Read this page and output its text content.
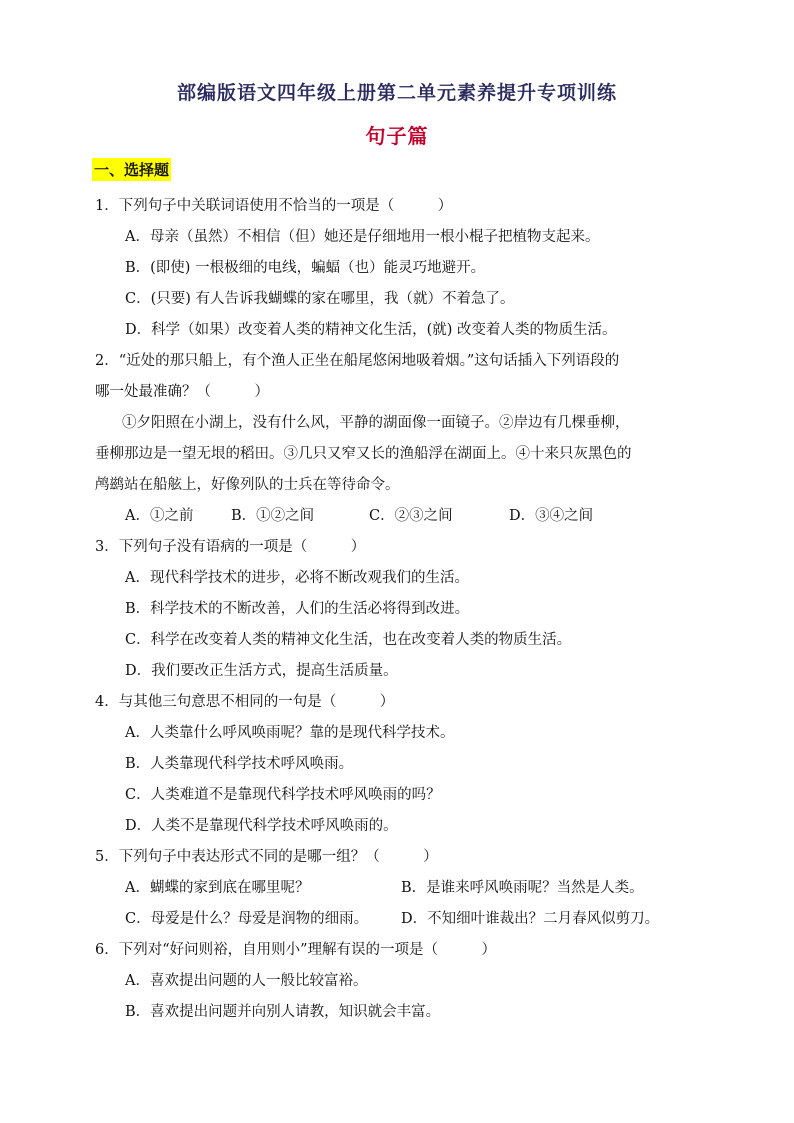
部编版语文四年级上册第二单元素养提升专项训练
句子篇
一、选择题
1．下列句子中关联词语使用不恰当的一项是（　　　）
A．母亲（虽然）不相信（但）她还是仔细地用一根小棍子把植物支起来。
B．(即使) 一根极细的电线，蝙蝠（也）能灵巧地避开。
C．(只要) 有人告诉我蝴蝶的家在哪里，我（就）不着急了。
D．科学（如果）改变着人类的精神文化生活，(就) 改变着人类的物质生活。
2．“近处的那只船上，有个渔人正坐在船尾悠闲地吸着烟。”这句话插入下列语段的
哪一处最准确？（　　　）
①夕阳照在小湖上，没有什么风，平静的湖面像一面镜子。②岸边有几棵垂柳，
垂柳那边是一望无垠的稻田。③几只又窄又长的渔船浮在湖面上。④十来只灰黑色的
鸬鹚站在船舷上，好像列队的士兵在等待命令。
A．①之前	B．①②之间	C．②③之间	D．③④之间
3．下列句子没有语病的一项是（　　　）
A．现代科学技术的进步，必将不断改观我们的生活。
B．科学技术的不断改善，人们的生活必将得到改进。
C．科学在改变着人类的精神文化生活，也在改变着人类的物质生活。
D．我们要改正生活方式，提高生活质量。
4．与其他三句意思不相同的一句是（　　　）
A．人类靠什么呼风唤雨呢？靠的是现代科学技术。
B．人类靠现代科学技术呼风唤雨。
C．人类难道不是靠现代科学技术呼风唤雨的吗？
D．人类不是靠现代科学技术呼风唤雨的。
5．下列句子中表达形式不同的是哪一组？（　　　）
A．蝴蝶的家到底在哪里呢？	B．是谁来呼风唤雨呢？当然是人类。
C．母爱是什么？母爱是润物的细雨。 D．不知细叶谁裁出？二月春风似剪刀。
6．下列对“好问则裕，自用则小”理解有误的一项是（　　　）
A．喜欢提出问题的人一般比较富裕。
B．喜欢提出问题并向别人请教，知识就会丰富。
